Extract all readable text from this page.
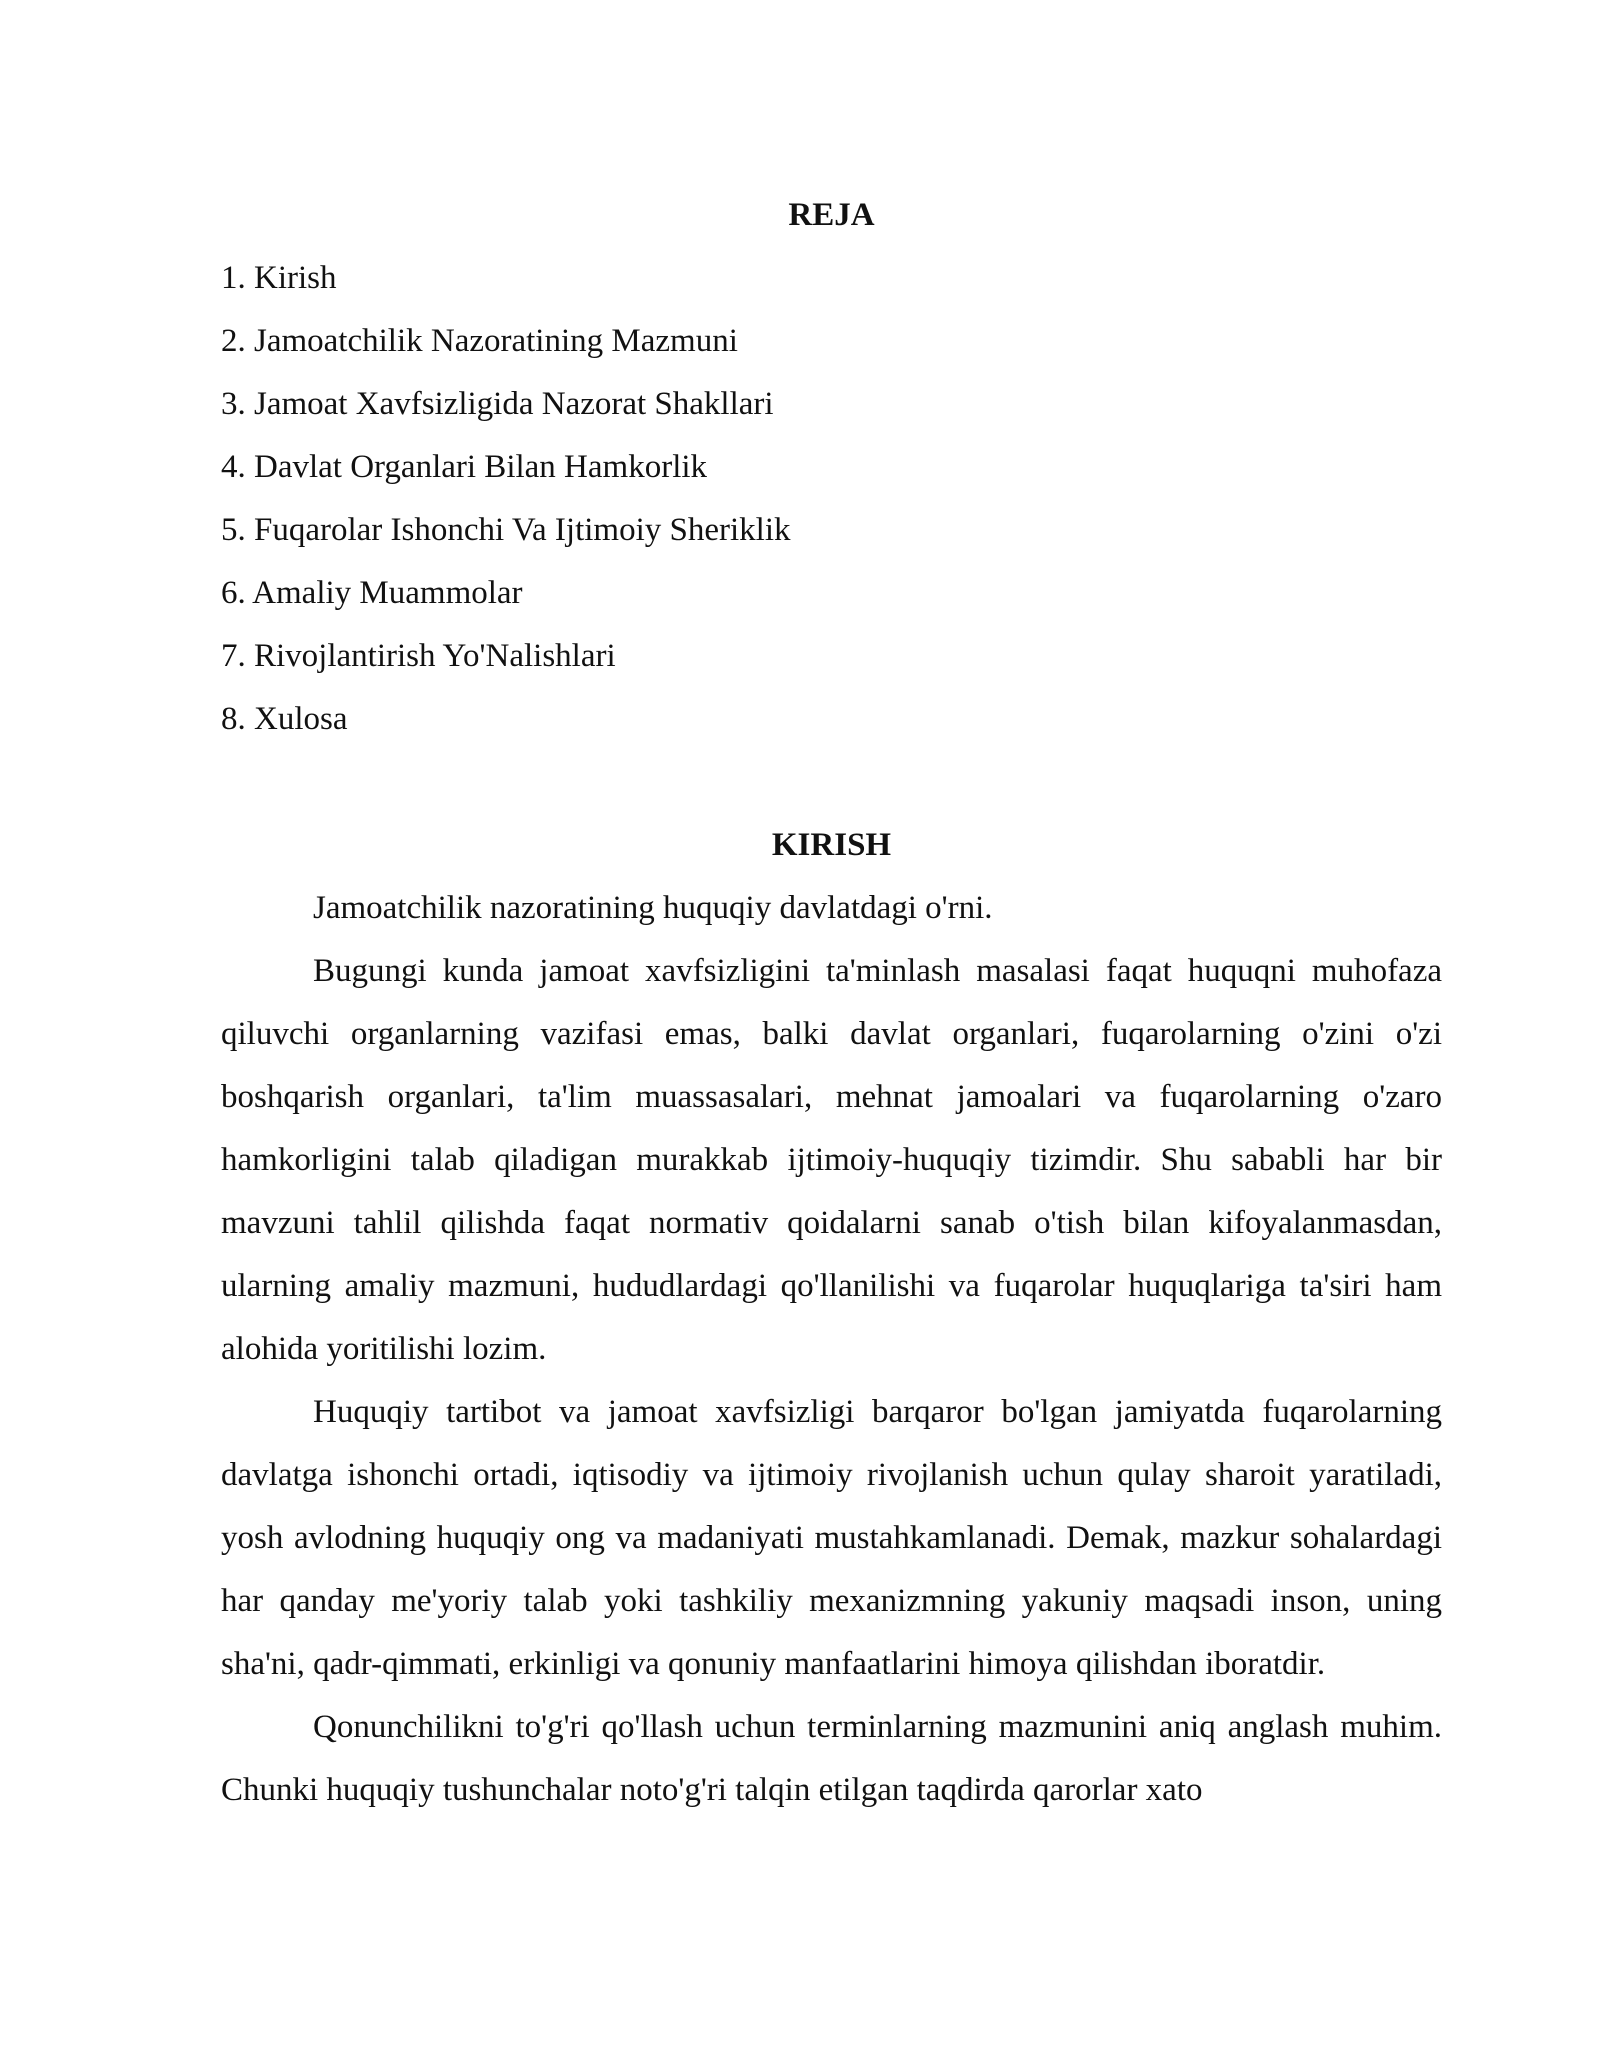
REJA
1. Kirish
2. Jamoatchilik Nazoratining Mazmuni
3. Jamoat Xavfsizligida Nazorat Shakllari
4. Davlat Organlari Bilan Hamkorlik
5. Fuqarolar Ishonchi Va Ijtimoiy Sheriklik
6. Amaliy Muammolar
7. Rivojlantirish Yo'Nalishlari
8. Xulosa
KIRISH

Jamoatchilik nazoratining huquqiy davlatdagi o'rni.

Bugungi kunda jamoat xavfsizligini ta'minlash masalasi faqat huquqni muhofaza qiluvchi organlarning vazifasi emas, balki davlat organlari, fuqarolarning o'zini o'zi boshqarish organlari, ta'lim muassasalari, mehnat jamoalari va fuqarolarning o'zaro hamkorligini talab qiladigan murakkab ijtimoiy-huquqiy tizimdir. Shu sababli har bir mavzuni tahlil qilishda faqat normativ qoidalarni sanab o'tish bilan kifoyalanmasdan, ularning amaliy mazmuni, hududlardagi qo'llanilishi va fuqarolar huquqlariga ta'siri ham alohida yoritilishi lozim.

Huquqiy tartibot va jamoat xavfsizligi barqaror bo'lgan jamiyatda fuqarolarning davlatga ishonchi ortadi, iqtisodiy va ijtimoiy rivojlanish uchun qulay sharoit yaratiladi, yosh avlodning huquqiy ong va madaniyati mustahkamlanadi. Demak, mazkur sohalardagi har qanday me'yoriy talab yoki tashkiliy mexanizmning yakuniy maqsadi inson, uning sha'ni, qadr-qimmati, erkinligi va qonuniy manfaatlarini himoya qilishdan iboratdir.

Qonunchilikni to'g'ri qo'llash uchun terminlarning mazmunini aniq anglash muhim. Chunki huquqiy tushunchalar noto'g'ri talqin etilgan taqdirda qarorlar xato
